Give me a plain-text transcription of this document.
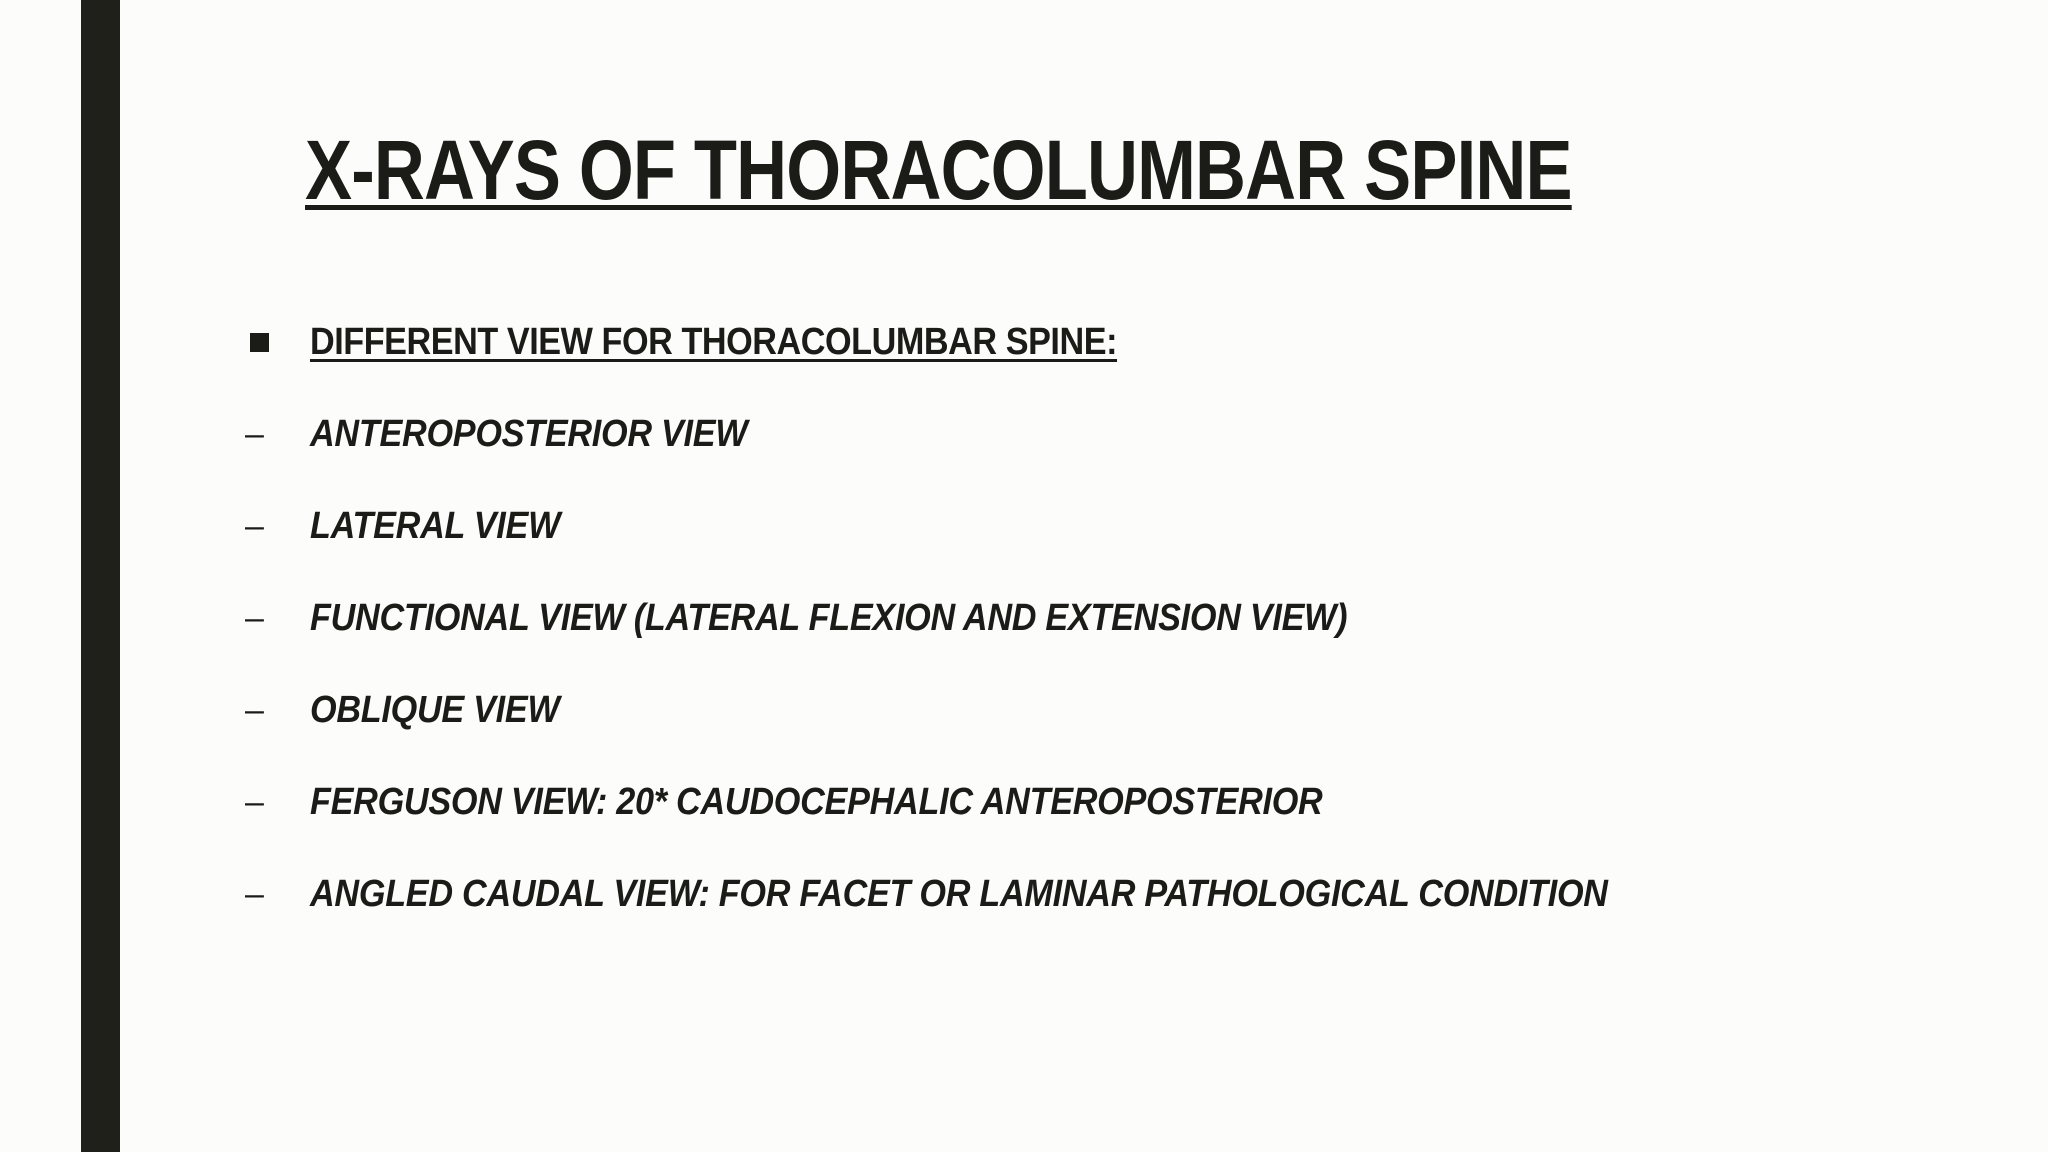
X-RAYS OF THORACOLUMBAR SPINE
DIFFERENT VIEW FOR THORACOLUMBAR SPINE:
– ANTEROPOSTERIOR VIEW
– LATERAL VIEW
– FUNCTIONAL VIEW (LATERAL FLEXION AND EXTENSION VIEW)
– OBLIQUE VIEW
– FERGUSON VIEW: 20* CAUDOCEPHALIC ANTEROPOSTERIOR
– ANGLED CAUDAL VIEW: FOR FACET OR LAMINAR PATHOLOGICAL CONDITION
